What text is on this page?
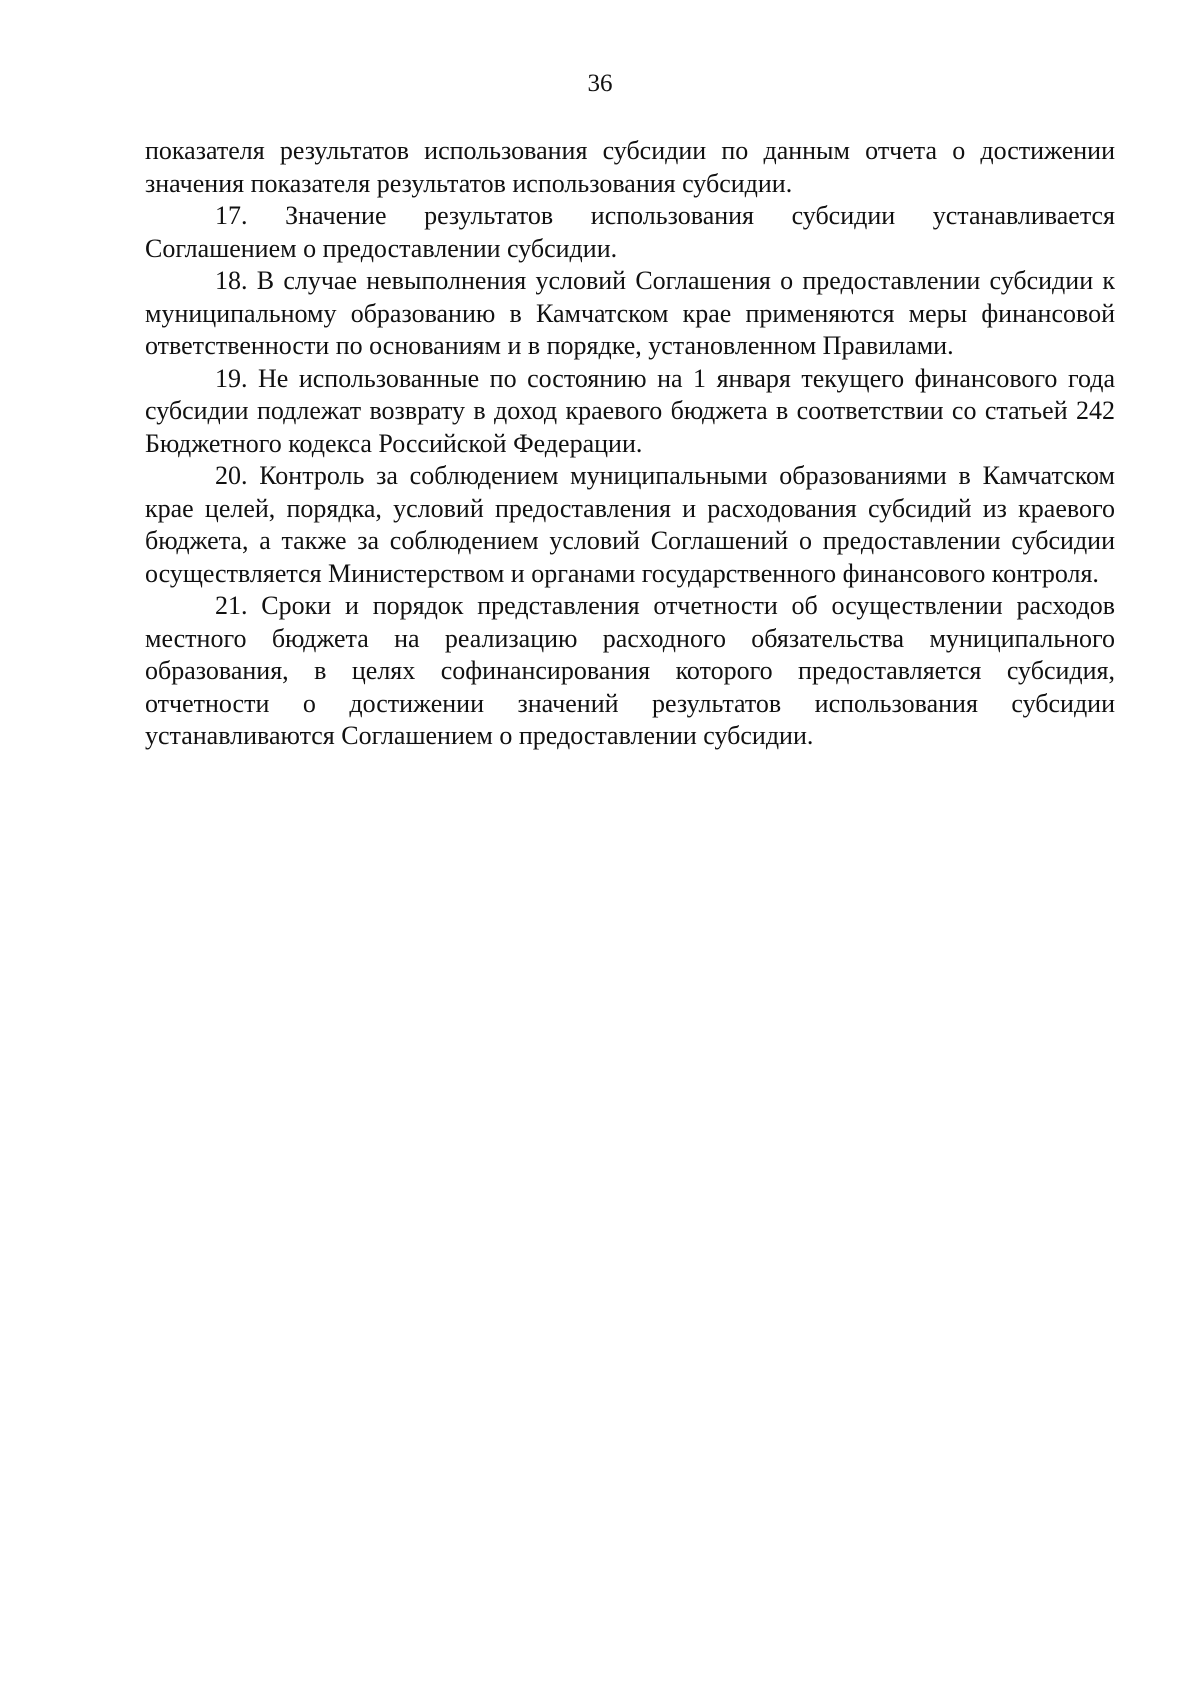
36

показателя результатов использования субсидии по данным отчета о достижении значения показателя результатов использования субсидии.

17. Значение результатов использования субсидии устанавливается Соглашением о предоставлении субсидии.

18. В случае невыполнения условий Соглашения о предоставлении субсидии к муниципальному образованию в Камчатском крае применяются меры финансовой ответственности по основаниям и в порядке, установленном Правилами.

19. Не использованные по состоянию на 1 января текущего финансового года субсидии подлежат возврату в доход краевого бюджета в соответствии со статьей 242 Бюджетного кодекса Российской Федерации.

20. Контроль за соблюдением муниципальными образованиями в Камчатском крае целей, порядка, условий предоставления и расходования субсидий из краевого бюджета, а также за соблюдением условий Соглашений о предоставлении субсидии осуществляется Министерством и органами государственного финансового контроля.

21. Сроки и порядок представления отчетности об осуществлении расходов местного бюджета на реализацию расходного обязательства муниципального образования, в целях софинансирования которого предоставляется субсидия, отчетности о достижении значений результатов использования субсидии устанавливаются Соглашением о предоставлении субсидии.
